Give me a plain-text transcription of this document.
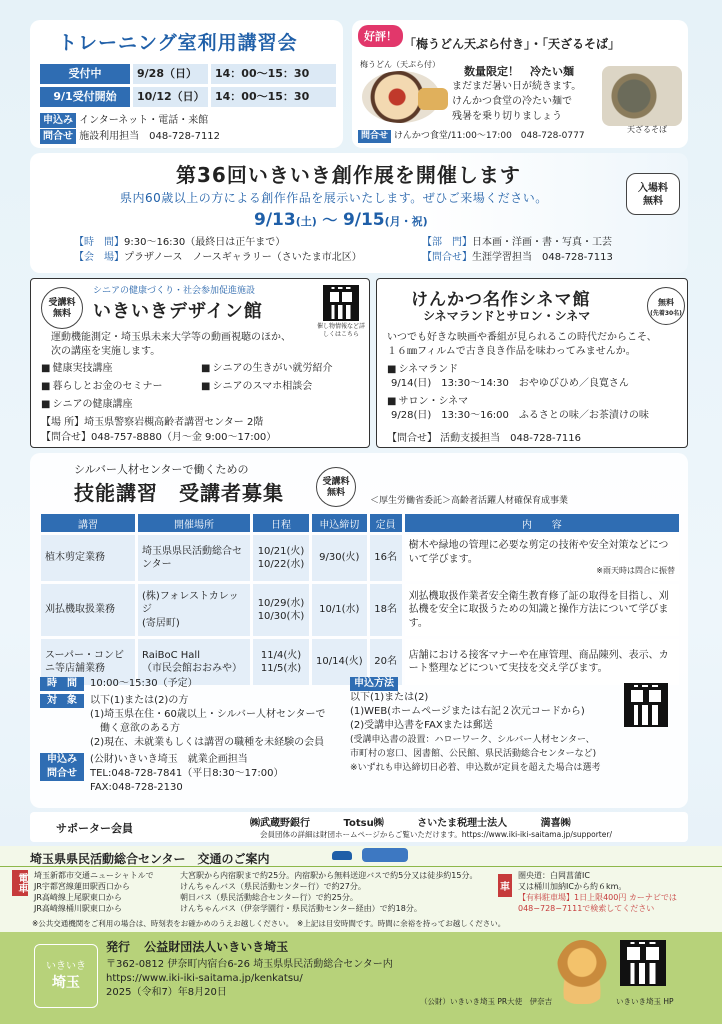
トレーニング室利用講習会
受付中	9/28（日）	14：00～15：30
9/1受付開始	10/12（日） 14：00～15：30
申込み インターネット・電話・来館
問合せ 施設利用担当　048-728-7112
好評！
「梅うどん天ぷら付き」・「天ざるそば」
梅うどん（天ぷら付）
数量限定！　冷たい麺
まだまだ暑い日が続きます。
けんかつ食堂の冷たい麺で
残暑を乗り切りましょう
天ざるそば
問合せ けんかつ食堂/11:00～17:00　048-728-0777
第36回いきいき創作展を開催します
県内60歳以上の方による創作作品を展示いたします。ぜひご来場ください。
9/13(土) ～ 9/15(月・祝)
入場料
無料
【時　間】9:30～16:30（最終日は正午まで）
【会　場】プラザノース　ノースギャラリー（さいたま市北区）
【部　門】日本画・洋画・書・写真・工芸
【問合せ】生涯学習担当　048-728-7113
受講料
無料
シニアの健康づくり・社会参加促進施設
いきいきデザイン館
催し物情報など詳しくはこちら
運動機能測定・埼玉県未来大学等の動画視聴のほか、
次の講座を実施します。
■ 健康実技講座	■ シニアの生きがい就労紹介
■ 暮らしとお金のセミナー	■ シニアのスマホ相談会
■ シニアの健康講座
【場 所】埼玉県警察岩槻高齢者講習センター 2階
【問合せ】048-757-8880（月～金 9:00～17:00）
けんかつ名作シネマ館
シネマランドとサロン・シネマ
無料
(先着30名)
いつでも好きな映画や番組が見られるこの時代だからこそ、
１６㎜フィルムで古き良き作品を味わってみませんか。
■ シネマランド
9/14(日)　13:30～14:30　おやゆびひめ／良寛さん
■ サロン・シネマ
9/28(日)　13:30～16:00　ふるさとの味／お茶漬けの味
【問合せ】 活動支援担当　048-728-7116
シルバー人材センターで働くための
技能講習　受講者募集	受講料
無料
＜厚生労働省委託＞高齢者活躍人材確保育成事業
講習	開催場所	日程	申込締切	定員	内　　容
植木剪定業務	埼玉県県民活動総合センター	10/21(火)
10/22(水)	9/30(火)	16名	樹木や緑地の管理に必要な剪定の技術や安全対策などについて学びます。
※雨天時は問合に振替

刈払機取扱業務	(株)フォレストカレッジ
(寄居町)	10/29(水)
10/30(木)	10/1(水)	18名	刈払機取扱作業者安全衛生教育修了証の取得を目指し、刈払機を安全に取扱うための知識と操作方法について学びます。
スーパー・コンビニ等店舗業務	RaiBoC Hall
（市民会館おおみや）	11/4(火)
11/5(水)	10/14(火)	20名	店舗における接客マナーや在庫管理、商品陳列、表示、カート整理などについて実技を交え学びます。
時　間	10:00～15:30（予定）
対　象	以下(1)または(2)の方
(1)埼玉県在住・60歳以上・シルバー人材センターで
　働く意欲のある方
(2)現在、未就業もしくは講習の職種を未経験の会員
申込み
問合せ
(公財)いきいき埼玉　就業企画担当
TEL:048-728-7841（平日8:30～17:00）
FAX:048-728-2130
申込方法
以下(1)または(2)
(1)WEB(ホームページまたは右記２次元コードから)
(2)受講申込書をFAXまたは郵送
(受講申込書の設置：ハローワーク、シルバー人材センター、
市町村の窓口、図書館、公民館、県民活動総合センターなど)
※いずれも申込締切日必着、申込数が定員を超えた場合は選考
サポーター会員	㈱武蔵野銀行	Totsu㈱	さいたま税理士法人	満喜㈱
会員団体の詳細は財団ホームページからご覧いただけます。https://www.iki-iki-saitama.jp/supporter/
埼玉県県民活動総合センター　交通のご案内
電車 埼玉新都市交通ニューシャトルで
JR宇都宮線蓮田駅西口から
JR高崎線上尾駅東口から
JR高崎線桶川駅東口から
大宮駅から内宿駅まで約25分。内宿駅から無料送迎バスで約5分又は徒歩約15分。
けんちゃんバス（県民活動センター行）で約27分。
朝日バス（県民活動総合センター行）で約25分。
けんちゃんバス（伊奈学園行・県民活動センター経由）で約18分。
車
圏央道：白岡菖蒲IC
又は桶川加納ICから約６km。
【有料駐車場】1日上限400円 カーナビでは
048−728−7111で検索してください
※公共交通機関をご利用の場合は、時刻表をお確かめのうえお越しください。　※上記は目安時間です。時間に余裕を持ってお越しください。
いきいき
埼玉
発行 公益財団法人いきいき埼玉
〒362-0812 伊奈町内宿台6-26 埼玉県県民活動総合センター内
https://www.iki-iki-saitama.jp/kenkatsu/
2025（令和7）年8月20日
（公財）いきいき埼玉 PR大使　伊奈吉	いきいき埼玉 HP
